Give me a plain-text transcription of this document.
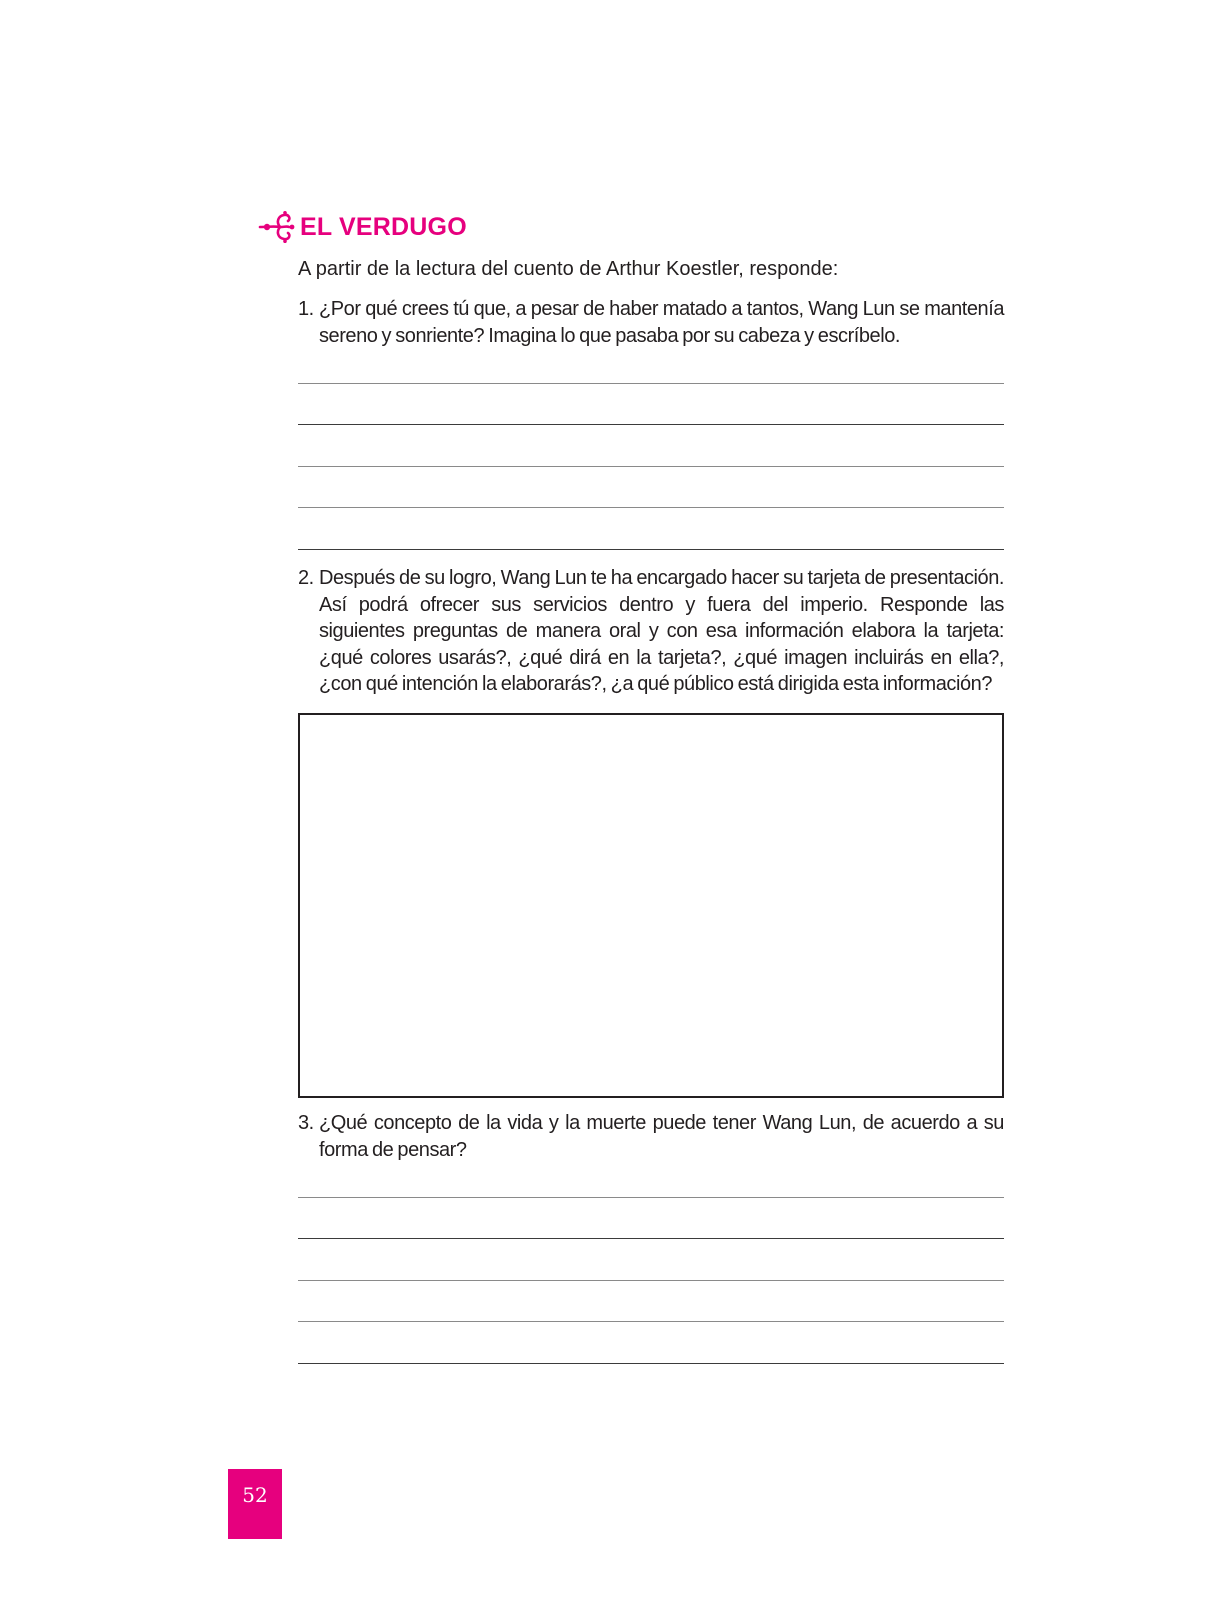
EL VERDUGO
A partir de la lectura del cuento de Arthur Koestler, responde:
1. ¿Por qué crees tú que, a pesar de haber matado a tantos, Wang Lun se mantenía sereno y sonriente? Imagina lo que pasaba por su cabeza y escríbelo.
2. Después de su logro, Wang Lun te ha encargado hacer su tarjeta de presentación. Así podrá ofrecer sus servicios dentro y fuera del imperio. Responde las siguientes preguntas de manera oral y con esa información elabora la tarjeta: ¿qué colores usarás?, ¿qué dirá en la tarjeta?, ¿qué imagen incluirás en ella?, ¿con qué intención la elaborarás?, ¿a qué público está dirigida esta información?
3. ¿Qué concepto de la vida y la muerte puede tener Wang Lun, de acuerdo a su forma de pensar?
52
